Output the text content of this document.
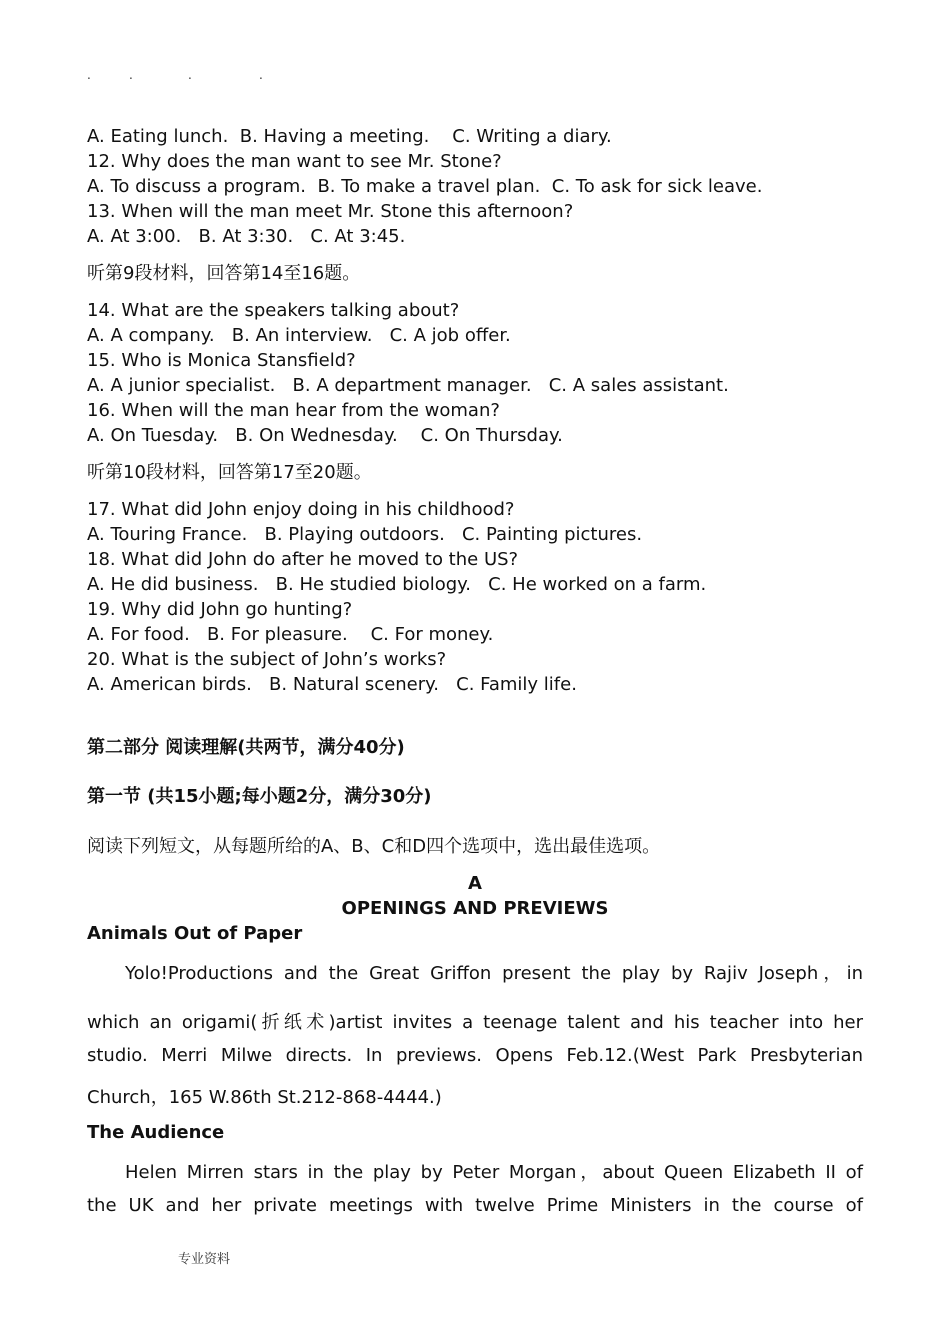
.	.	.	.
A. Eating lunch.  B. Having a meeting.    C. Writing a diary.
12. Why does the man want to see Mr. Stone?
A. To discuss a program.  B. To make a travel plan.  C. To ask for sick leave.
13. When will the man meet Mr. Stone this afternoon?
A. At 3:00.   B. At 3:30.   C. At 3:45.
听第9段材料，回答第14至16题。
14. What are the speakers talking about?
A. A company.   B. An interview.   C. A job offer.
15. Who is Monica Stansfield?
A. A junior specialist.   B. A department manager.   C. A sales assistant.
16. When will the man hear from the woman?
A. On Tuesday.   B. On Wednesday.    C. On Thursday.
听第10段材料，回答第17至20题。
17. What did John enjoy doing in his childhood?
A. Touring France.   B. Playing outdoors.   C. Painting pictures.
18. What did John do after he moved to the US?
A. He did business.   B. He studied biology.   C. He worked on a farm.
19. Why did John go hunting?
A. For food.   B. For pleasure.    C. For money.
20. What is the subject of John’s works?
A. American birds.   B. Natural scenery.   C. Family life.
第二部分 阅读理解(共两节，满分40分)
第一节 (共15小题;每小题2分，满分30分)
阅读下列短文，从每题所给的A、B、C和D四个选项中，选出最佳选项。
A
OPENINGS AND PREVIEWS
Animals Out of Paper
Yolo!Productions and the Great Griffon present the play by Rajiv Joseph，in
which an origami(折纸术)artist invites a teenage talent and his teacher into her
studio. Merri Milwe directs. In previews. Opens Feb.12.(West Park Presbyterian
Church，165 W.86th St.212-868-4444.)
The Audience
Helen Mirren stars in the play by Peter Morgan，about Queen Elizabeth II of
the UK and her private meetings with twelve Prime Ministers in the course of
专业资料
